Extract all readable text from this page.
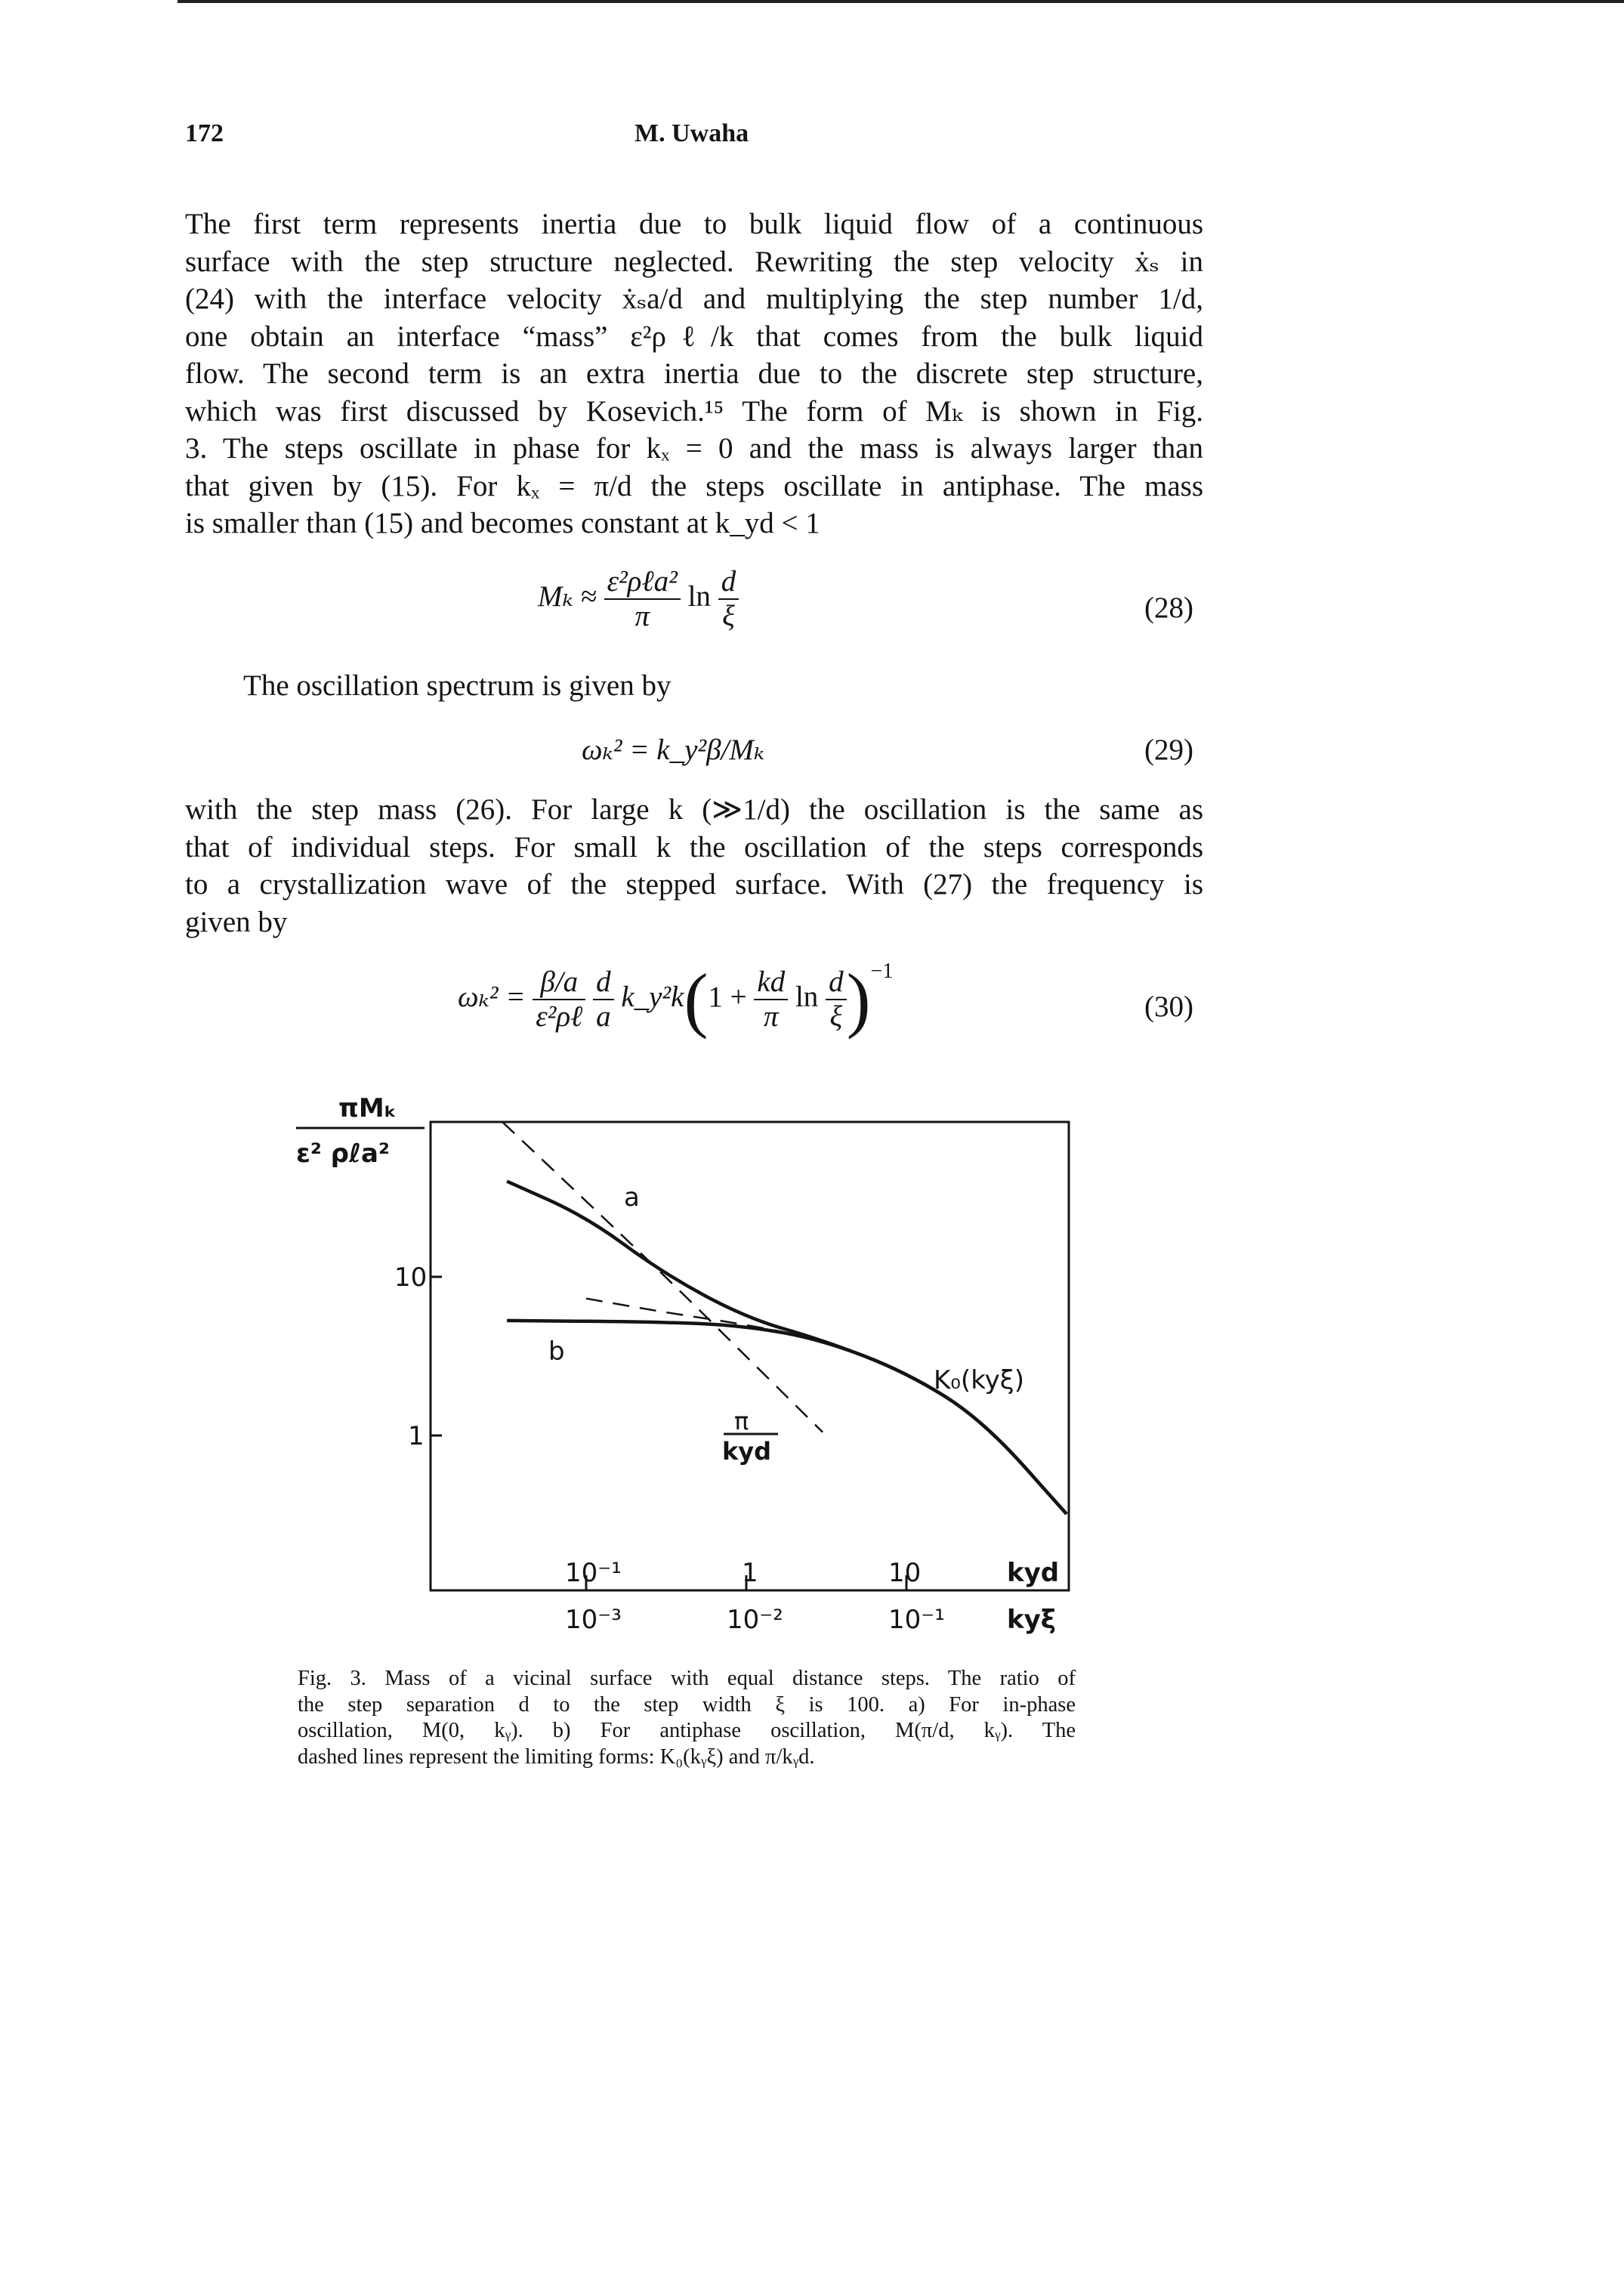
172	M. Uwaha
The first term represents inertia due to bulk liquid flow of a continuous
surface with the step structure neglected. Rewriting the step velocity ẋₛ in
(24) with the interface velocity ẋₛa/d and multiplying the step number 1/d,
one obtain an interface “mass” ε²ρℓ/k that comes from the bulk liquid
flow. The second term is an extra inertia due to the discrete step structure,
which was first discussed by Kosevich.¹⁵ The form of Mₖ is shown in Fig.
3. The steps oscillate in phase for kₓ = 0 and the mass is always larger than
that given by (15). For kₓ = π/d the steps oscillate in antiphase. The mass
is smaller than (15) and becomes constant at k_yd < 1
$M_k \approx \frac{\text{ε²ρℓa²}}{\pi}$ $\ln \frac{d}{\xi}$	(28)
The oscillation spectrum is given by
ωₖ² = k_y²β/Mₖ	(29)
with the step mass (26). For large k (≫1/d) the oscillation is the same as
that of individual steps. For small k the oscillation of the steps corresponds
to a crystallization wave of the stepped surface. With (27) the frequency is
given by
$\omega_k^2 = \frac{\beta/a}{\text{ε²ρℓ}}$
$\frac{d}{a}$ k_y²k(1 + $\frac{kd}{\pi}$ $\ln \frac{d}{\xi} )^{-1}$
(30)
πMₖ
ε² ρℓa²
10
1
10⁻¹	1	10	kyd
10⁻³	10⁻²	10⁻¹ kyξ
a
b
K₀(kyξ)
π
kyd
Fig. 3. Mass of a vicinal surface with equal distance steps. The ratio of
the step separation d to the step width ξ is 100. a) For in-phase
oscillation, M(0, kᵧ). b) For antiphase oscillation, M(π/d, kᵧ). The
dashed lines represent the limiting forms: K₀(kᵧξ) and π/kᵧd.
